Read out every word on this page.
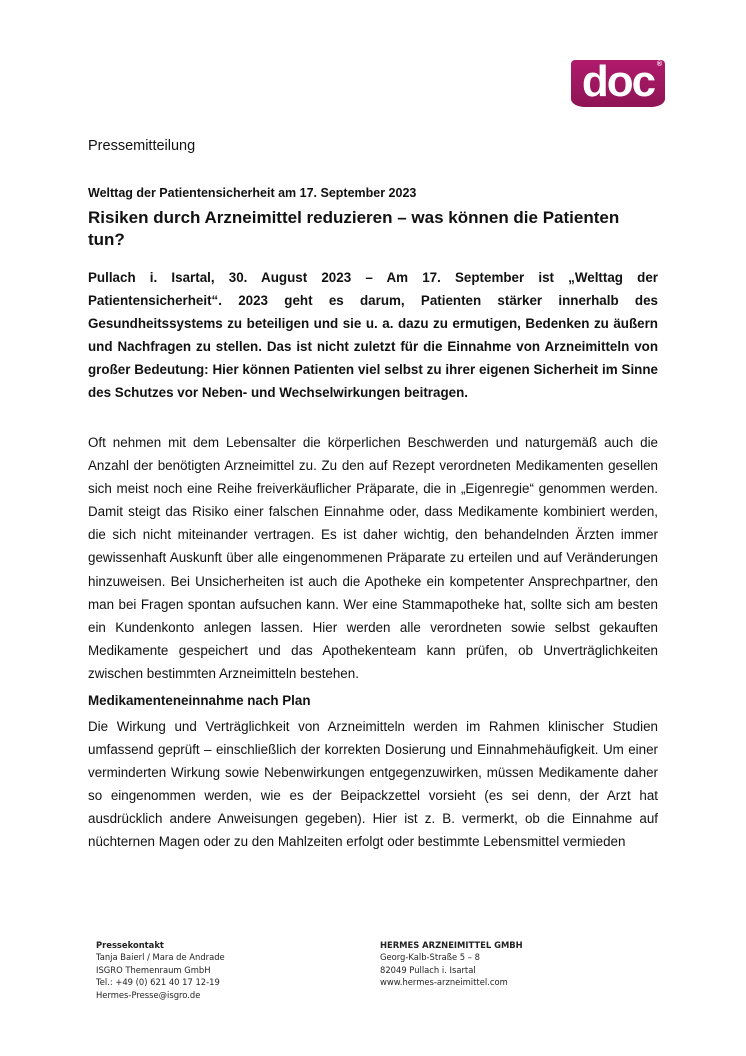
doc ®
Pressemitteilung
Welttag der Patientensicherheit am 17. September 2023
Risiken durch Arzneimittel reduzieren – was können die Patienten tun?

Pullach i. Isartal, 30. August 2023 – Am 17. September ist „Welttag der Patientensicherheit“. 2023 geht es darum, Patienten stärker innerhalb des Gesundheitssystems zu beteiligen und sie u. a. dazu zu ermutigen, Bedenken zu äußern und Nachfragen zu stellen. Das ist nicht zuletzt für die Einnahme von Arzneimitteln von großer Bedeutung: Hier können Patienten viel selbst zu ihrer eigenen Sicherheit im Sinne des Schutzes vor Neben- und Wechselwirkungen beitragen.

Oft nehmen mit dem Lebensalter die körperlichen Beschwerden und naturgemäß auch die Anzahl der benötigten Arzneimittel zu. Zu den auf Rezept verordneten Medikamenten gesellen sich meist noch eine Reihe freiverkäuflicher Präparate, die in „Eigenregie“ genommen werden. Damit steigt das Risiko einer falschen Einnahme oder, dass Medikamente kombiniert werden, die sich nicht miteinander vertragen. Es ist daher wichtig, den behandelnden Ärzten immer gewissenhaft Auskunft über alle eingenommenen Präparate zu erteilen und auf Veränderungen hinzuweisen. Bei Unsicherheiten ist auch die Apotheke ein kompetenter Ansprechpartner, den man bei Fragen spontan aufsuchen kann. Wer eine Stammapotheke hat, sollte sich am besten ein Kundenkonto anlegen lassen. Hier werden alle verordneten sowie selbst gekauften Medikamente gespeichert und das Apothekenteam kann prüfen, ob Unverträglichkeiten zwischen bestimmten Arzneimitteln bestehen.

Medikamenteneinnahme nach Plan

Die Wirkung und Verträglichkeit von Arzneimitteln werden im Rahmen klinischer Studien umfassend geprüft – einschließlich der korrekten Dosierung und Einnahmehäufigkeit. Um einer verminderten Wirkung sowie Nebenwirkungen entgegenzuwirken, müssen Medikamente daher so eingenommen werden, wie es der Beipackzettel vorsieht (es sei denn, der Arzt hat ausdrücklich andere Anweisungen gegeben). Hier ist z. B. vermerkt, ob die Einnahme auf nüchternen Magen oder zu den Mahlzeiten erfolgt oder bestimmte Lebensmittel vermieden

Pressekontakt
Tanja Baierl / Mara de Andrade
ISGRO Themenraum GmbH
Tel.: +49 (0) 621 40 17 12-19
Hermes-Presse@isgro.de
HERMES ARZNEIMITTEL GMBH
Georg-Kalb-Straße 5 – 8
82049 Pullach i. Isartal
www.hermes-arzneimittel.com
